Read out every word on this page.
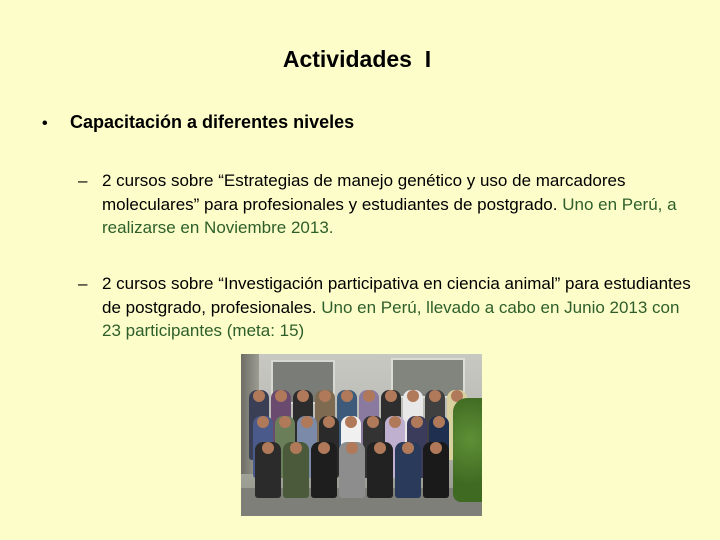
Actividades  I
•	Capacitación a diferentes niveles
– 2 cursos sobre “Estrategias de manejo genético y uso de marcadores moleculares” para profesionales y estudiantes de postgrado. Uno en Perú, a realizarse en Noviembre 2013.
– 2 cursos sobre “Investigación participativa en ciencia animal” para estudiantes de postgrado, profesionales. Uno en Perú, llevado a cabo en Junio 2013 con 23 participantes (meta: 15)
